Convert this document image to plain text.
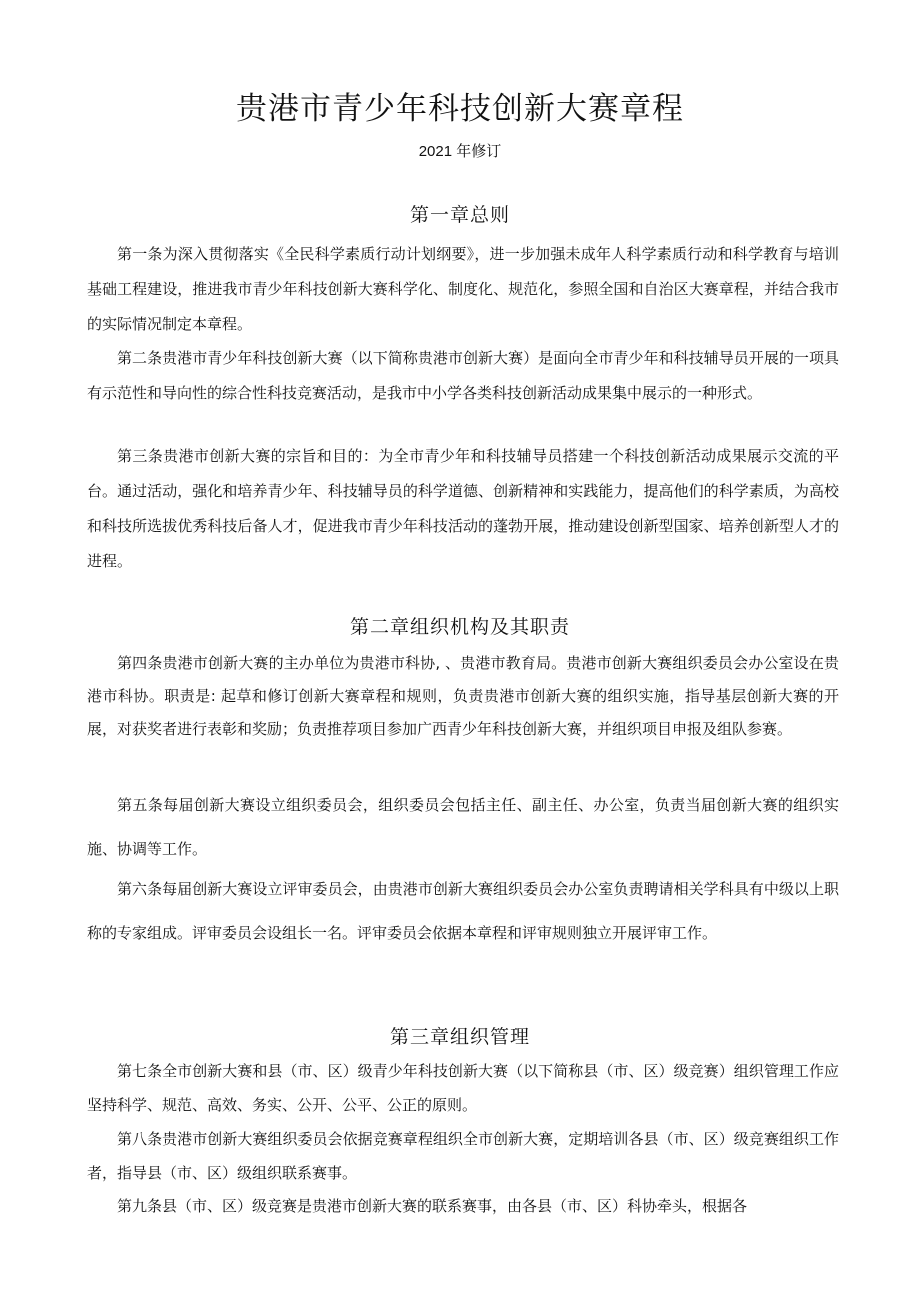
贵港市青少年科技创新大赛章程
2021 年修订
第一章总则

第一条为深入贯彻落实《全民科学素质行动计划纲要》，进一步加强未成年人科学素质行动和科学教育与培训基础工程建设，推进我市青少年科技创新大赛科学化、制度化、规范化，参照全国和自治区大赛章程，并结合我市的实际情况制定本章程。

第二条贵港市青少年科技创新大赛（以下简称贵港市创新大赛）是面向全市青少年和科技辅导员开展的一项具有示范性和导向性的综合性科技竞赛活动，是我市中小学各类科技创新活动成果集中展示的一种形式。

第三条贵港市创新大赛的宗旨和目的：为全市青少年和科技辅导员搭建一个科技创新活动成果展示交流的平台。通过活动，强化和培养青少年、科技辅导员的科学道德、创新精神和实践能力，提高他们的科学素质，为高校和科技所选拔优秀科技后备人才，促进我市青少年科技活动的蓬勃开展，推动建设创新型国家、培养创新型人才的进程。

第二章组织机构及其职责

第四条贵港市创新大赛的主办单位为贵港市科协, 、贵港市教育局。贵港市创新大赛组织委员会办公室设在贵港市科协。职责是: 起草和修订创新大赛章程和规则，负责贵港市创新大赛的组织实施，指导基层创新大赛的开展，对获奖者进行表彰和奖励；负责推荐项目参加广西青少年科技创新大赛，并组织项目申报及组队参赛。

第五条每届创新大赛设立组织委员会，组织委员会包括主任、副主任、办公室，负责当届创新大赛的组织实施、协调等工作。

第六条每届创新大赛设立评审委员会，由贵港市创新大赛组织委员会办公室负责聘请相关学科具有中级以上职称的专家组成。评审委员会设组长一名。评审委员会依据本章程和评审规则独立开展评审工作。

第三章组织管理

第七条全市创新大赛和县（市、区）级青少年科技创新大赛（以下简称县（市、区）级竞赛）组织管理工作应坚持科学、规范、高效、务实、公开、公平、公正的原则。

第八条贵港市创新大赛组织委员会依据竞赛章程组织全市创新大赛，定期培训各县（市、区）级竞赛组织工作者，指导县（市、区）级组织联系赛事。

第九条县（市、区）级竞赛是贵港市创新大赛的联系赛事，由各县（市、区）科协牵头，根据各
